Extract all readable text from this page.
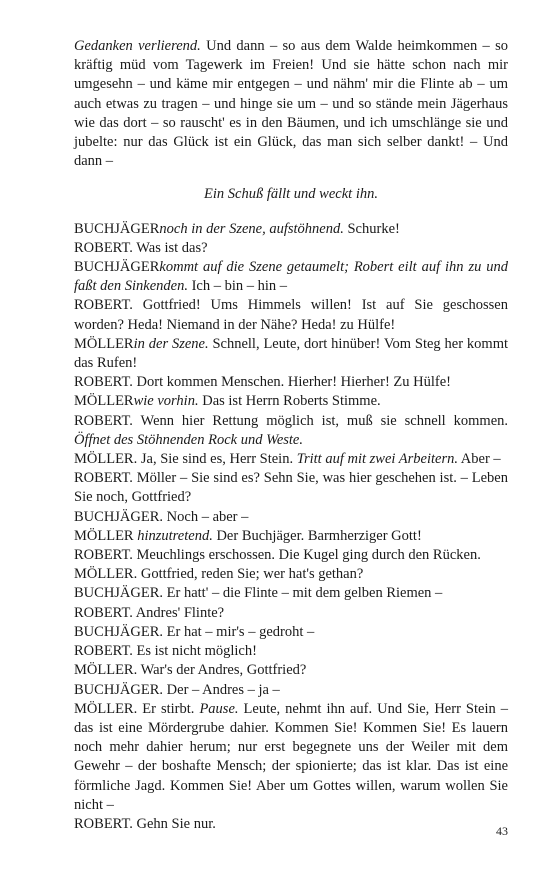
Gedanken verlierend. Und dann – so aus dem Walde heimkommen – so kräftig müd vom Tagewerk im Freien! Und sie hätte schon nach mir umgesehn – und käme mir entgegen – und nähm' mir die Flinte ab – um auch etwas zu tragen – und hinge sie um – und so stände mein Jägerhaus wie das dort – so rauscht' es in den Bäumen, und ich umschlänge sie und jubelte: nur das Glück ist ein Glück, das man sich selber dankt! – Und dann –

Ein Schuß fällt und weckt ihn.

BUCHJÄGERnoch in der Szene, aufstöhnend. Schurke!

ROBERT. Was ist das?

BUCHJÄGERkommt auf die Szene getaumelt; Robert eilt auf ihn zu und faßt den Sinkenden. Ich – bin – hin –

ROBERT. Gottfried! Ums Himmels willen! Ist auf Sie geschossen worden? Heda! Niemand in der Nähe? Heda! zu Hülfe!

MÖLLERin der Szene. Schnell, Leute, dort hinüber! Vom Steg her kommt das Rufen!

ROBERT. Dort kommen Menschen. Hierher! Hierher! Zu Hülfe!

MÖLLERwie vorhin. Das ist Herrn Roberts Stimme.

ROBERT. Wenn hier Rettung möglich ist, muß sie schnell kommen. Öffnet des Stöhnenden Rock und Weste.

MÖLLER. Ja, Sie sind es, Herr Stein. Tritt auf mit zwei Arbeitern. Aber –

ROBERT. Möller – Sie sind es? Sehn Sie, was hier geschehen ist. – Leben Sie noch, Gottfried?

BUCHJÄGER. Noch – aber –

MÖLLER hinzutretend. Der Buchjäger. Barmherziger Gott!

ROBERT. Meuchlings erschossen. Die Kugel ging durch den Rücken.

MÖLLER. Gottfried, reden Sie; wer hat's gethan?

BUCHJÄGER. Er hatt' – die Flinte – mit dem gelben Riemen –

ROBERT. Andres' Flinte?

BUCHJÄGER. Er hat – mir's – gedroht –

ROBERT. Es ist nicht möglich!

MÖLLER. War's der Andres, Gottfried?

BUCHJÄGER. Der – Andres – ja –

MÖLLER. Er stirbt. Pause. Leute, nehmt ihn auf. Und Sie, Herr Stein – das ist eine Mördergrube dahier. Kommen Sie! Kommen Sie! Es lauern noch mehr dahier herum; nur erst begegnete uns der Weiler mit dem Gewehr – der boshafte Mensch; der spionierte; das ist klar. Das ist eine förmliche Jagd. Kommen Sie! Aber um Gottes willen, warum wollen Sie nicht –

ROBERT. Gehn Sie nur.	43
